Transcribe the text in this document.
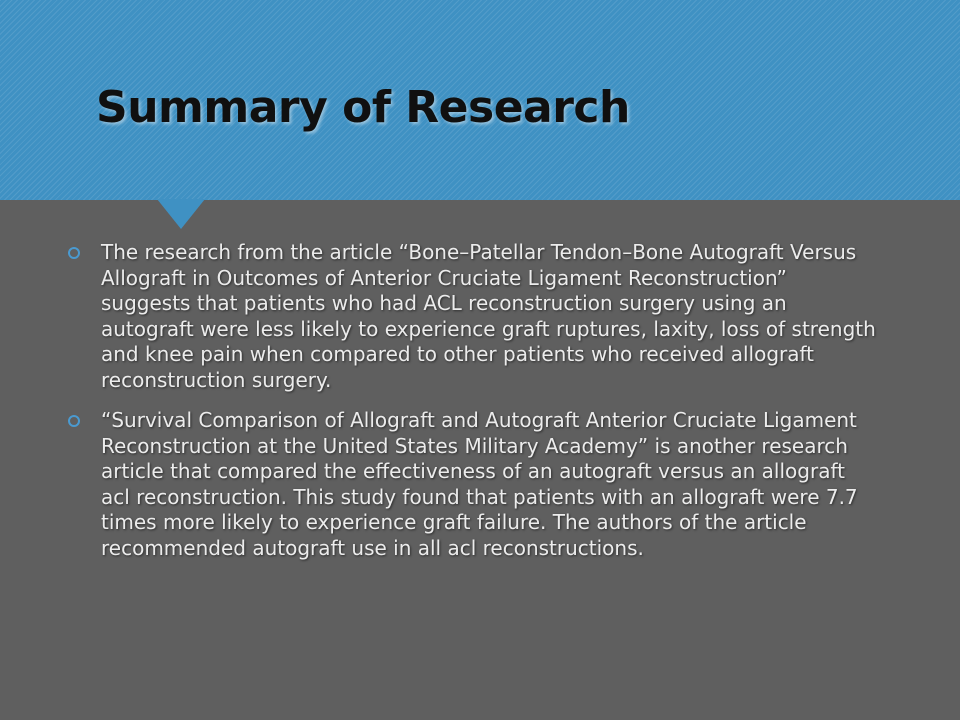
Summary of Research
The research from the article “Bone–Patellar Tendon–Bone Autograft Versus Allograft in Outcomes of Anterior Cruciate Ligament Reconstruction” suggests that patients who had ACL reconstruction surgery using an autograft were less likely to experience graft ruptures, laxity, loss of strength and knee pain when compared to other patients who received allograft reconstruction surgery.
“Survival Comparison of Allograft and Autograft Anterior Cruciate Ligament Reconstruction at the United States Military Academy” is another research article that compared the effectiveness of an autograft versus an allograft acl reconstruction. This study found that patients with an allograft were 7.7 times more likely to experience graft failure. The authors of the article recommended autograft use in all acl reconstructions.
